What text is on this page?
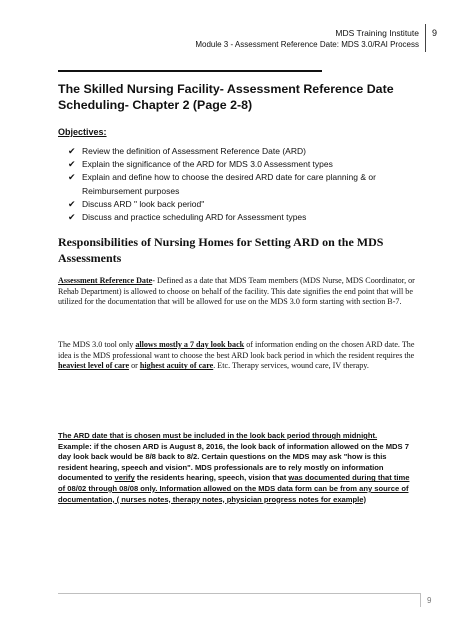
MDS Training Institute
Module 3 - Assessment Reference Date: MDS 3.0/RAI Process
9
The Skilled Nursing Facility- Assessment Reference Date Scheduling- Chapter 2 (Page 2-8)
Objectives:
✔ Review the definition of Assessment Reference Date (ARD)
✔ Explain the significance of the ARD for MDS 3.0 Assessment types
✔ Explain and define how to choose the desired ARD date for care planning & or Reimbursement purposes
✔ Discuss ARD " look back period"
✔ Discuss and practice scheduling ARD for Assessment types
Responsibilities of Nursing Homes for Setting ARD on the MDS Assessments

Assessment Reference Date- Defined as a date that MDS Team members (MDS Nurse, MDS Coordinator, or Rehab Department) is allowed to choose on behalf of the facility. This date signifies the end point that will be utilized for the documentation that will be allowed for use on the MDS 3.0 form starting with section B-7.

The MDS 3.0 tool only allows mostly a 7 day look back of information ending on the chosen ARD date. The idea is the MDS professional want to choose the best ARD look back period in which the resident requires the heaviest level of care or highest acuity of care. Etc. Therapy services, wound care, IV therapy.

The ARD date that is chosen must be included in the look back period through midnight.
Example: if the chosen ARD is August 8, 2016, the look back of information allowed on the MDS 7 day look back would be 8/8 back to 8/2. Certain questions on the MDS may ask "how is this resident hearing, speech and vision". MDS professionals are to rely mostly on information documented to verify the residents hearing, speech, vision that was documented during that time of 08/02 through 08/08 only. Information allowed on the MDS data form can be from any source of documentation, ( nurses notes, therapy notes, physician progress notes for example)

9
